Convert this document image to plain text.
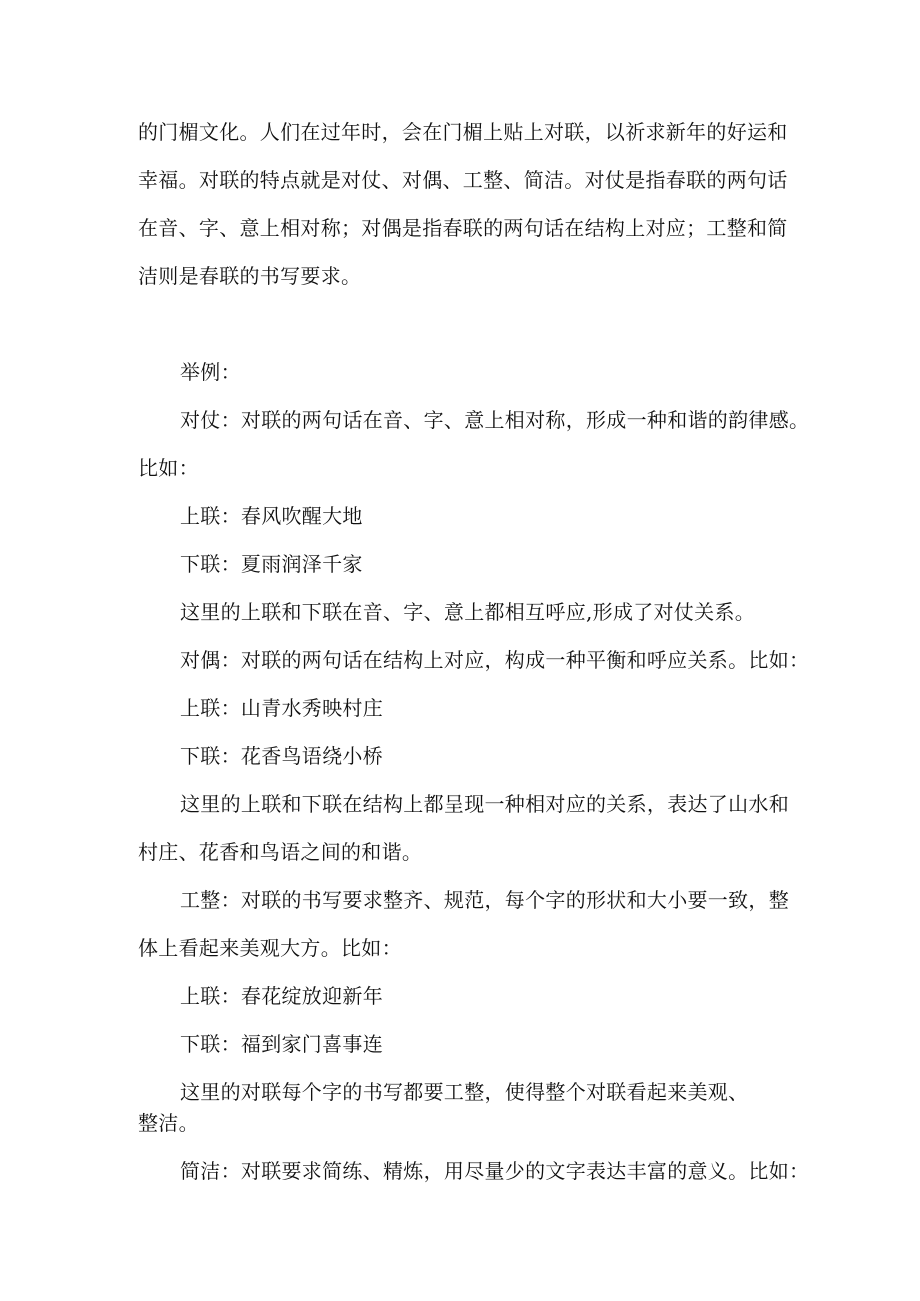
的门楣文化。人们在过年时，会在门楣上贴上对联，以祈求新年的好运和
幸福。对联的特点就是对仗、对偶、工整、简洁。对仗是指春联的两句话
在音、字、意上相对称；对偶是指春联的两句话在结构上对应；工整和简
洁则是春联的书写要求。
举例：
对仗：对联的两句话在音、字、意上相对称，形成一种和谐的韵律感。
比如：
上联：春风吹醒大地
下联：夏雨润泽千家
这里的上联和下联在音、字、意上都相互呼应,形成了对仗关系。
对偶：对联的两句话在结构上对应，构成一种平衡和呼应关系。比如：
上联：山青水秀映村庄
下联：花香鸟语绕小桥
这里的上联和下联在结构上都呈现一种相对应的关系，表达了山水和
村庄、花香和鸟语之间的和谐。
工整：对联的书写要求整齐、规范，每个字的形状和大小要一致，整
体上看起来美观大方。比如：
上联：春花绽放迎新年
下联：福到家门喜事连
这里的对联每个字的书写都要工整，使得整个对联看起来美观、
整洁。
简洁：对联要求简练、精炼，用尽量少的文字表达丰富的意义。比如：
